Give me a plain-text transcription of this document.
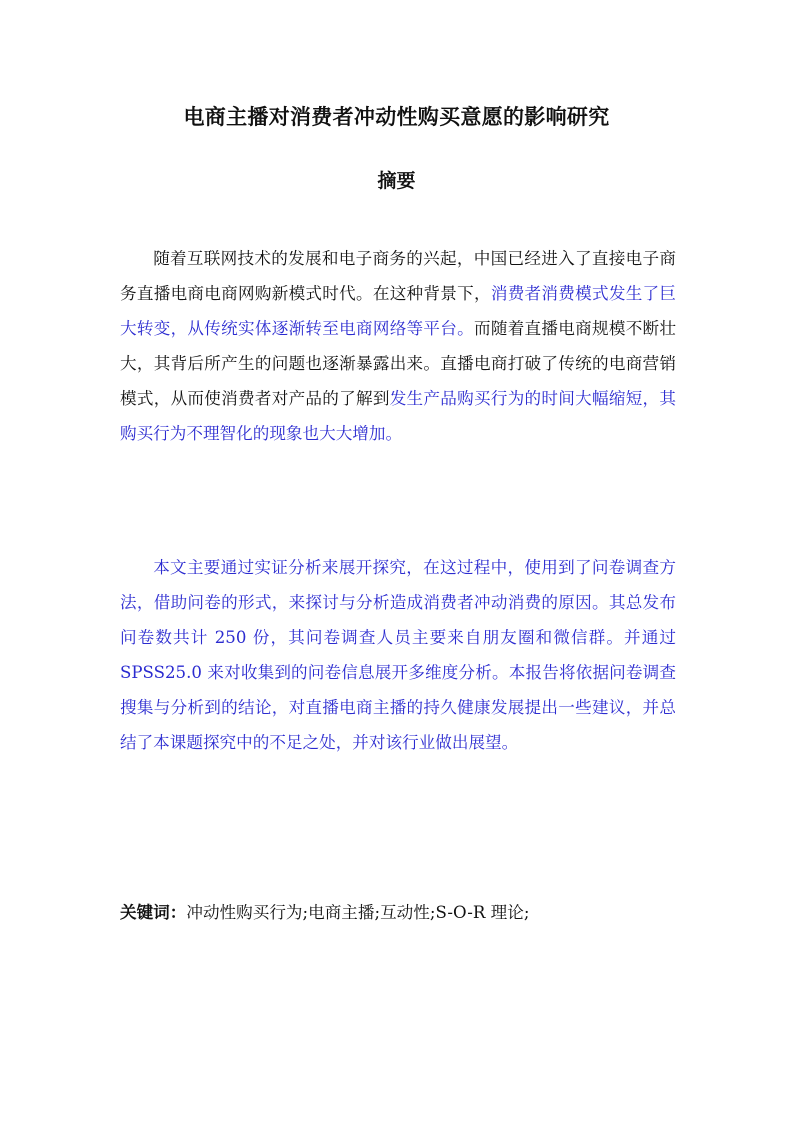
电商主播对消费者冲动性购买意愿的影响研究
摘要

随着互联网技术的发展和电子商务的兴起，中国已经进入了直接电子商务直播电商电商网购新模式时代。在这种背景下，消费者消费模式发生了巨大转变，从传统实体逐渐转至电商网络等平台。而随着直播电商规模不断壮大，其背后所产生的问题也逐渐暴露出来。直播电商打破了传统的电商营销模式，从而使消费者对产品的了解到发生产品购买行为的时间大幅缩短，其购买行为不理智化的现象也大大增加。

本文主要通过实证分析来展开探究，在这过程中，使用到了问卷调查方法，借助问卷的形式，来探讨与分析造成消费者冲动消费的原因。其总发布问卷数共计 250 份，其问卷调查人员主要来自朋友圈和微信群。并通过 SPSS25.0 来对收集到的问卷信息展开多维度分析。本报告将依据问卷调查搜集与分析到的结论，对直播电商主播的持久健康发展提出一些建议，并总结了本课题探究中的不足之处，并对该行业做出展望。

关键词：冲动性购买行为;电商主播;互动性;S-O-R 理论;
